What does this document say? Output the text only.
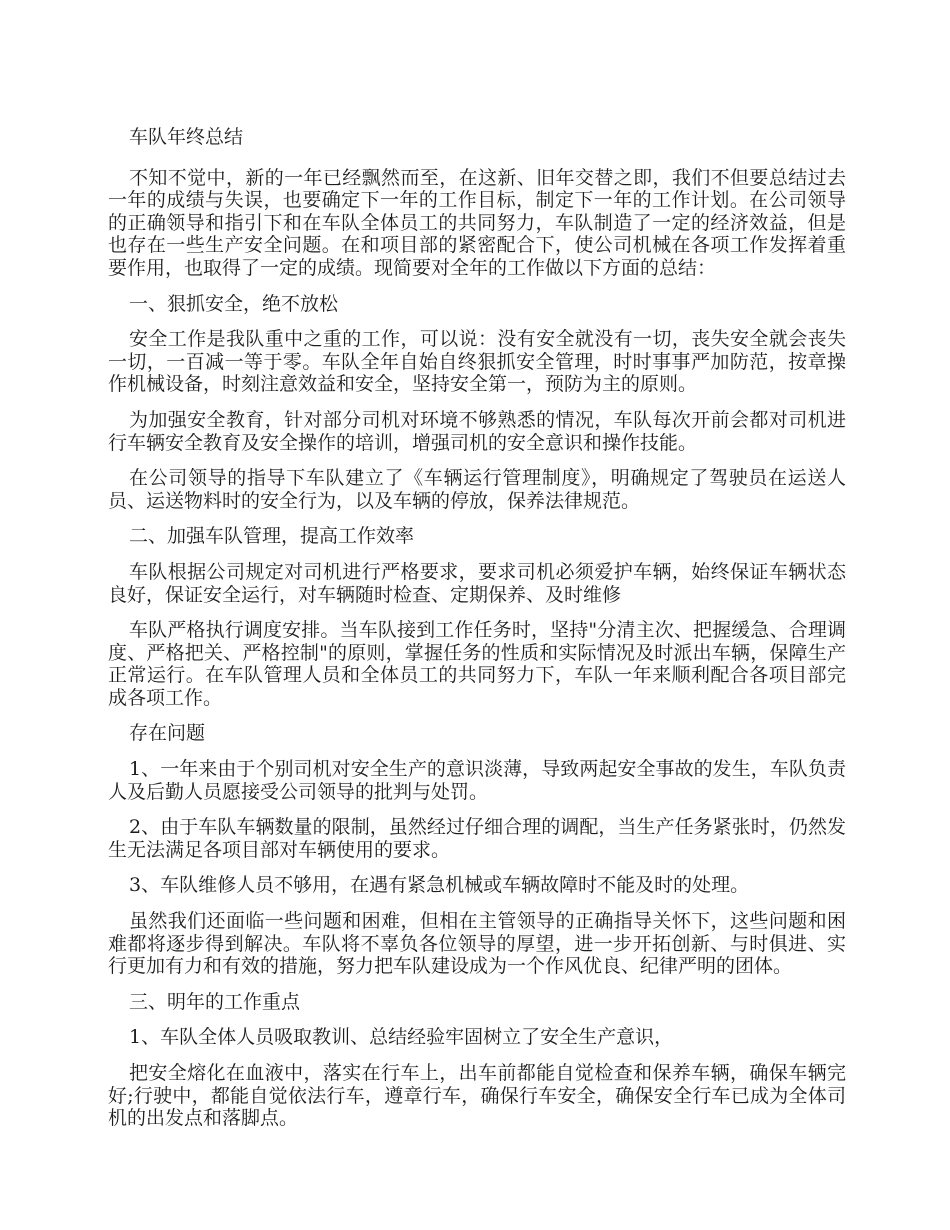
车队年终总结

不知不觉中，新的一年已经飘然而至，在这新、旧年交替之即，我们不但要总结过去一年的成绩与失误，也要确定下一年的工作目标，制定下一年的工作计划。在公司领导的正确领导和指引下和在车队全体员工的共同努力，车队制造了一定的经济效益，但是也存在一些生产安全问题。在和项目部的紧密配合下，使公司机械在各项工作发挥着重要作用，也取得了一定的成绩。现简要对全年的工作做以下方面的总结：

一、狠抓安全，绝不放松

安全工作是我队重中之重的工作，可以说：没有安全就没有一切，丧失安全就会丧失一切，一百减一等于零。车队全年自始自终狠抓安全管理，时时事事严加防范，按章操作机械设备，时刻注意效益和安全，坚持安全第一，预防为主的原则。

为加强安全教育，针对部分司机对环境不够熟悉的情况，车队每次开前会都对司机进行车辆安全教育及安全操作的培训，增强司机的安全意识和操作技能。

在公司领导的指导下车队建立了《车辆运行管理制度》，明确规定了驾驶员在运送人员、运送物料时的安全行为，以及车辆的停放，保养法律规范。

二、加强车队管理，提高工作效率

车队根据公司规定对司机进行严格要求，要求司机必须爱护车辆，始终保证车辆状态良好，保证安全运行，对车辆随时检查、定期保养、及时维修

车队严格执行调度安排。当车队接到工作任务时，坚持"分清主次、把握缓急、合理调度、严格把关、严格控制"的原则，掌握任务的性质和实际情况及时派出车辆，保障生产正常运行。在车队管理人员和全体员工的共同努力下，车队一年来顺利配合各项目部完成各项工作。

存在问题

1、一年来由于个别司机对安全生产的意识淡薄，导致两起安全事故的发生，车队负责人及后勤人员愿接受公司领导的批判与处罚。

2、由于车队车辆数量的限制，虽然经过仔细合理的调配，当生产任务紧张时，仍然发生无法满足各项目部对车辆使用的要求。

3、车队维修人员不够用，在遇有紧急机械或车辆故障时不能及时的处理。

虽然我们还面临一些问题和困难，但相在主管领导的正确指导关怀下，这些问题和困难都将逐步得到解决。车队将不辜负各位领导的厚望，进一步开拓创新、与时俱进、实行更加有力和有效的措施，努力把车队建设成为一个作风优良、纪律严明的团体。

三、明年的工作重点

1、车队全体人员吸取教训、总结经验牢固树立了安全生产意识，

把安全熔化在血液中，落实在行车上，出车前都能自觉检查和保养车辆，确保车辆完好;行驶中，都能自觉依法行车，遵章行车，确保行车安全，确保安全行车已成为全体司机的出发点和落脚点。
